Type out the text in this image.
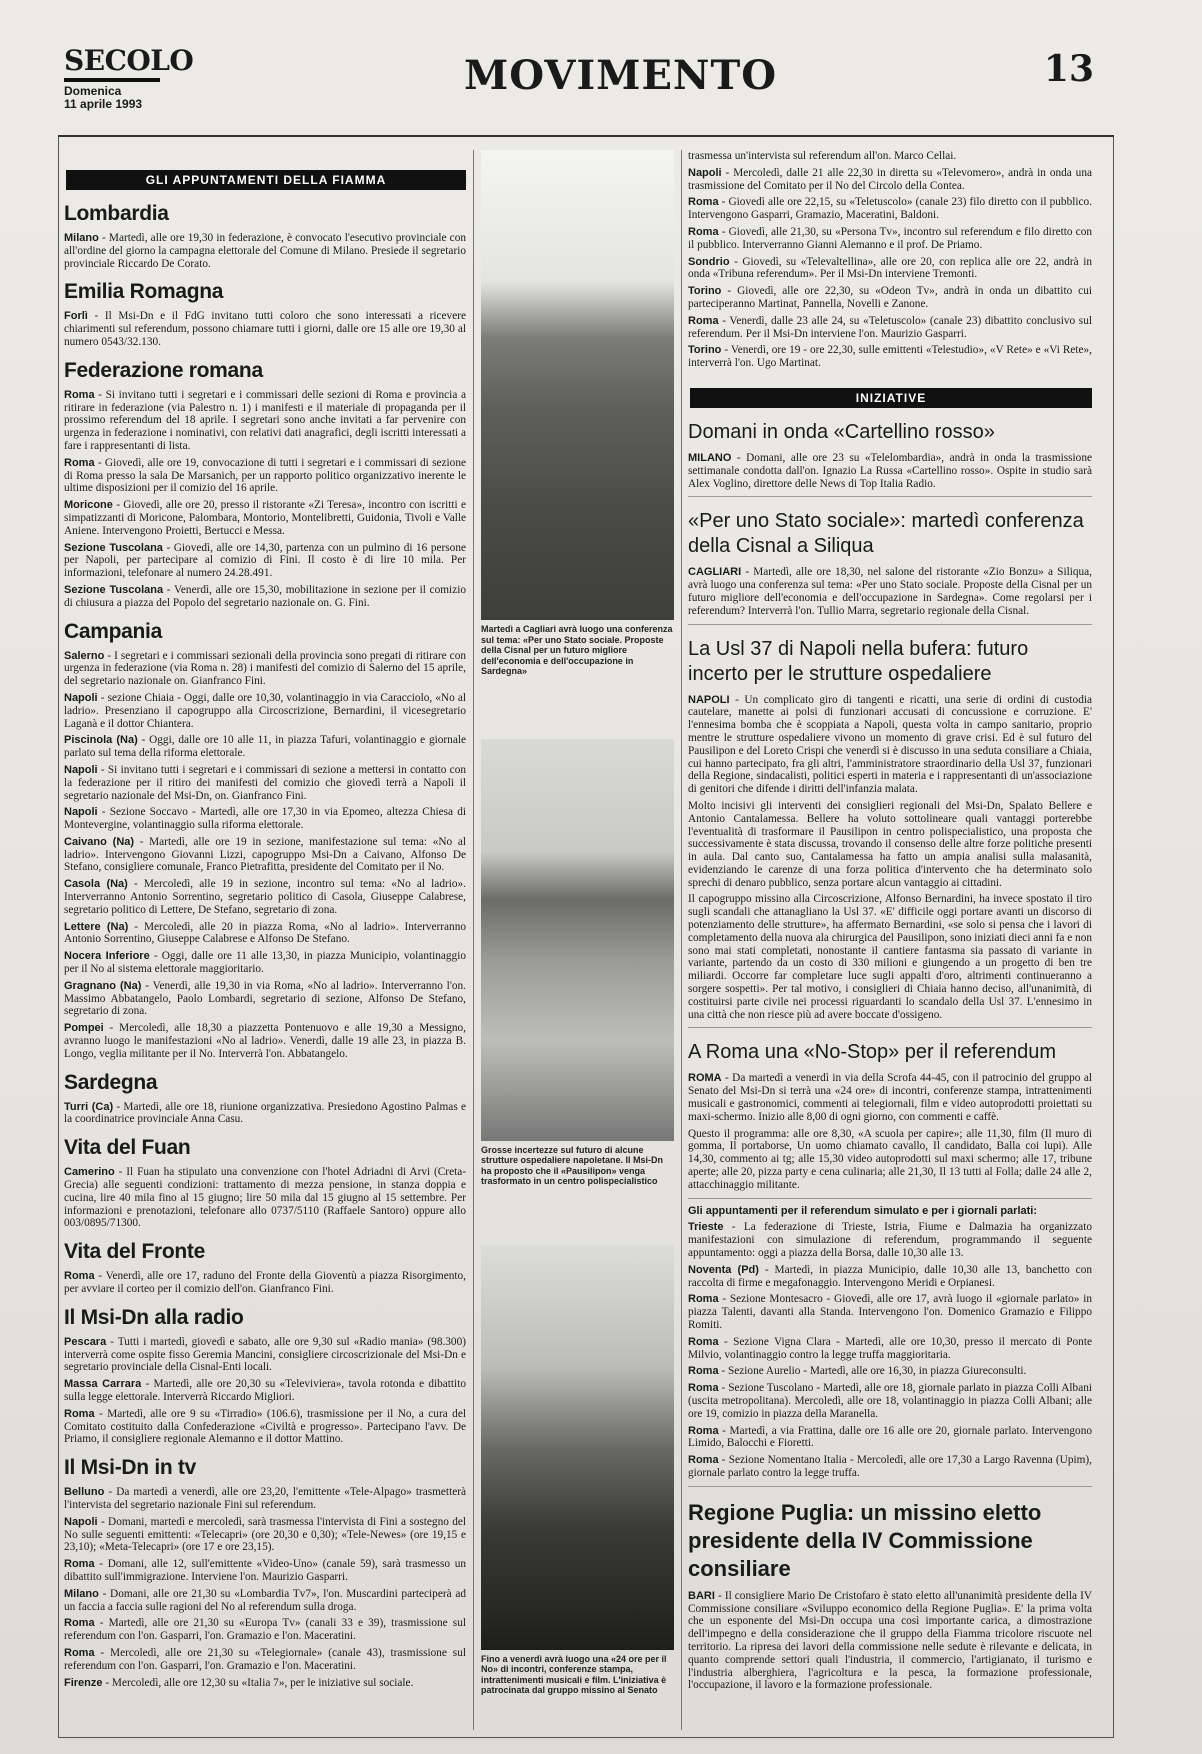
SECOLO
Domenica
11 aprile 1993
MOVIMENTO	13
GLI APPUNTAMENTI DELLA FIAMMA
Lombardia
Milano - Martedì, alle ore 19,30 in federazione, è convocato l'esecutivo provinciale con all'ordine del giorno la campagna elettorale del Comune di Milano. Presiede il segretario provinciale Riccardo De Corato.
Emilia Romagna
Forlì - Il Msi-Dn e il FdG invitano tutti coloro che sono interessati a ricevere chiarimenti sul referendum, possono chiamare tutti i giorni, dalle ore 15 alle ore 19,30 al numero 0543/32.130.
Federazione romana
Roma - Si invitano tutti i segretari e i commissari delle sezioni di Roma e provincia a ritirare in federazione (via Palestro n. 1) i manifesti e il materiale di propaganda per il prossimo referendum del 18 aprile. I segretari sono anche invitati a far pervenire con urgenza in federazione i nominativi, con relativi dati anagrafici, degli iscritti interessati a fare i rappresentanti di lista.
Roma - Giovedì, alle ore 19, convocazione di tutti i segretari e i commissari di sezione di Roma presso la sala De Marsanich, per un rapporto politico organizzativo inerente le ultime disposizioni per il comizio del 16 aprile.
Moricone - Giovedì, alle ore 20, presso il ristorante «Zi Teresa», incontro con iscritti e simpatizzanti di Moricone, Palombara, Montorio, Montelibretti, Guidonia, Tivoli e Valle Aniene. Intervengono Proietti, Bertucci e Messa.
Sezione Tuscolana - Giovedì, alle ore 14,30, partenza con un pulmino di 16 persone per Napoli, per partecipare al comizio di Fini. Il costo è di lire 10 mila. Per informazioni, telefonare al numero 24.28.491.
Sezione Tuscolana - Venerdì, alle ore 15,30, mobilitazione in sezione per il comizio di chiusura a piazza del Popolo del segretario nazionale on. G. Fini.
Campania
Salerno - I segretari e i commissari sezionali della provincia sono pregati di ritirare con urgenza in federazione (via Roma n. 28) i manifesti del comizio di Salerno del 15 aprile, del segretario nazionale on. Gianfranco Fini.
Napoli - sezione Chiaia - Oggi, dalle ore 10,30, volantinaggio in via Caracciolo, «No al ladrio». Presenziano il capogruppo alla Circoscrizione, Bernardini, il vicesegretario Laganà e il dottor Chiantera.
Piscinola (Na) - Oggi, dalle ore 10 alle 11, in piazza Tafuri, volantinaggio e giornale parlato sul tema della riforma elettorale.
Napoli - Si invitano tutti i segretari e i commissari di sezione a mettersi in contatto con la federazione per il ritiro dei manifesti del comizio che giovedì terrà a Napoli il segretario nazionale del Msi-Dn, on. Gianfranco Fini.
Napoli - Sezione Soccavo - Martedì, alle ore 17,30 in via Epomeo, altezza Chiesa di Montevergine, volantinaggio sulla riforma elettorale.
Caivano (Na) - Martedì, alle ore 19 in sezione, manifestazione sul tema: «No al ladrio». Intervengono Giovanni Lizzi, capogruppo Msi-Dn a Caivano, Alfonso De Stefano, consigliere comunale, Franco Pietrafitta, presidente del Comitato per il No.
Casola (Na) - Mercoledì, alle 19 in sezione, incontro sul tema: «No al ladrio». Interverranno Antonio Sorrentino, segretario politico di Casola, Giuseppe Calabrese, segretario politico di Lettere, De Stefano, segretario di zona.
Lettere (Na) - Mercoledì, alle 20 in piazza Roma, «No al ladrio». Interverranno Antonio Sorrentino, Giuseppe Calabrese e Alfonso De Stefano.
Nocera Inferiore - Oggi, dalle ore 11 alle 13,30, in piazza Municipio, volantinaggio per il No al sistema elettorale maggioritario.
Gragnano (Na) - Venerdì, alle 19,30 in via Roma, «No al ladrio». Interverranno l'on. Massimo Abbatangelo, Paolo Lombardi, segretario di sezione, Alfonso De Stefano, segretario di zona.
Pompei - Mercoledì, alle 18,30 a piazzetta Pontenuovo e alle 19,30 a Messigno, avranno luogo le manifestazioni «No al ladrio». Venerdì, dalle 19 alle 23, in piazza B. Longo, veglia militante per il No. Interverrà l'on. Abbatangelo.
Sardegna
Turri (Ca) - Martedì, alle ore 18, riunione organizzativa. Presiedono Agostino Palmas e la coordinatrice provinciale Anna Casu.
Vita del Fuan
Camerino - Il Fuan ha stipulato una convenzione con l'hotel Adriadni di Arvi (Creta-Grecia) alle seguenti condizioni: trattamento di mezza pensione, in stanza doppia e cucina, lire 40 mila fino al 15 giugno; lire 50 mila dal 15 giugno al 15 settembre. Per informazioni e prenotazioni, telefonare allo 0737/5110 (Raffaele Santoro) oppure allo 003/0895/71300.
Vita del Fronte
Roma - Venerdì, alle ore 17, raduno del Fronte della Gioventù a piazza Risorgimento, per avviare il corteo per il comizio dell'on. Gianfranco Fini.
Il Msi-Dn alla radio
Pescara - Tutti i martedì, giovedì e sabato, alle ore 9,30 sul «Radio mania» (98.300) interverrà come ospite fisso Geremia Mancini, consigliere circoscrizionale del Msi-Dn e segretario provinciale della Cisnal-Enti locali.
Massa Carrara - Martedì, alle ore 20,30 su «Televiviera», tavola rotonda e dibattito sulla legge elettorale. Interverrà Riccardo Migliori.
Roma - Martedì, alle ore 9 su «Tirradio» (106.6), trasmissione per il No, a cura del Comitato costituito dalla Confederazione «Civiltà e progresso». Partecipano l'avv. De Priamo, il consigliere regionale Alemanno e il dottor Mattino.
Il Msi-Dn in tv
Belluno - Da martedì a venerdì, alle ore 23,20, l'emittente «Tele-Alpago» trasmetterà l'intervista del segretario nazionale Fini sul referendum.
Napoli - Domani, martedì e mercoledì, sarà trasmessa l'intervista di Fini a sostegno del No sulle seguenti emittenti: «Telecapri» (ore 20,30 e 0,30); «Tele-Newes» (ore 19,15 e 23,10); «Meta-Telecapri» (ore 17 e ore 23,15).
Roma - Domani, alle 12, sull'emittente «Video-Uno» (canale 59), sarà trasmesso un dibattito sull'immigrazione. Interviene l'on. Maurizio Gasparri.
Milano - Domani, alle ore 21,30 su «Lombardia Tv7», l'on. Muscardini parteciperà ad un faccia a faccia sulle ragioni del No al referendum sulla droga.
Roma - Martedì, alle ore 21,30 su «Europa Tv» (canali 33 e 39), trasmissione sul referendum con l'on. Gasparri, l'on. Gramazio e l'on. Maceratini.
Roma - Mercoledì, alle ore 21,30 su «Telegiornale» (canale 43), trasmissione sul referendum con l'on. Gasparri, l'on. Gramazio e l'on. Maceratini.
Firenze - Mercoledì, alle ore 12,30 su «Italia 7», per le iniziative sul sociale.
Martedì a Cagliari avrà luogo una conferenza sul tema: «Per uno Stato sociale. Proposte della Cisnal per un futuro migliore dell'economia e dell'occupazione in Sardegna»
Grosse incertezze sul futuro di alcune strutture ospedaliere napoletane. Il Msi-Dn ha proposto che il «Pausilipon» venga trasformato in un centro polispecialistico
Fino a venerdì avrà luogo una «24 ore per il No» di incontri, conferenze stampa, intrattenimenti musicali e film. L'iniziativa è patrocinata dal gruppo missino al Senato
trasmessa un'intervista sul referendum all'on. Marco Cellai.
Napoli - Mercoledì, dalle 21 alle 22,30 in diretta su «Televomero», andrà in onda una trasmissione del Comitato per il No del Circolo della Contea.
Roma - Giovedì alle ore 22,15, su «Teletuscolo» (canale 23) filo diretto con il pubblico. Intervengono Gasparri, Gramazio, Maceratini, Baldoni.
Roma - Giovedì, alle 21,30, su «Persona Tv», incontro sul referendum e filo diretto con il pubblico. Interverranno Gianni Alemanno e il prof. De Priamo.
Sondrio - Giovedì, su «Televaltellina», alle ore 20, con replica alle ore 22, andrà in onda «Tribuna referendum». Per il Msi-Dn interviene Tremonti.
Torino - Giovedì, alle ore 22,30, su «Odeon Tv», andrà in onda un dibattito cui parteciperanno Martinat, Pannella, Novelli e Zanone.
Roma - Venerdì, dalle 23 alle 24, su «Teletuscolo» (canale 23) dibattito conclusivo sul referendum. Per il Msi-Dn interviene l'on. Maurizio Gasparri.
Torino - Venerdì, ore 19 - ore 22,30, sulle emittenti «Telestudio», «V Rete» e «Vi Rete», interverrà l'on. Ugo Martinat.
INIZIATIVE
Domani in onda «Cartellino rosso»
MILANO - Domani, alle ore 23 su «Telelombardia», andrà in onda la trasmissione settimanale condotta dall'on. Ignazio La Russa «Cartellino rosso». Ospite in studio sarà Alex Voglino, direttore delle News di Top Italia Radio.
«Per uno Stato sociale»: martedì conferenza della Cisnal a Siliqua
CAGLIARI - Martedì, alle ore 18,30, nel salone del ristorante «Zio Bonzu» a Siliqua, avrà luogo una conferenza sul tema: «Per uno Stato sociale. Proposte della Cisnal per un futuro migliore dell'economia e dell'occupazione in Sardegna». Come regolarsi per i referendum? Interverrà l'on. Tullio Marra, segretario regionale della Cisnal.
La Usl 37 di Napoli nella bufera: futuro incerto per le strutture ospedaliere
NAPOLI - Un complicato giro di tangenti e ricatti, una serie di ordini di custodia cautelare, manette ai polsi di funzionari accusati di concussione e corruzione. E' l'ennesima bomba che è scoppiata a Napoli, questa volta in campo sanitario, proprio mentre le strutture ospedaliere vivono un momento di grave crisi. Ed è sul futuro del Pausilipon e del Loreto Crispi che venerdì si è discusso in una seduta consiliare a Chiaia, cui hanno partecipato, fra gli altri, l'amministratore straordinario della Usl 37, funzionari della Regione, sindacalisti, politici esperti in materia e i rappresentanti di un'associazione di genitori che difende i diritti dell'infanzia malata.
Molto incisivi gli interventi dei consiglieri regionali del Msi-Dn, Spalato Bellere e Antonio Cantalamessa. Bellere ha voluto sottolineare quali vantaggi porterebbe l'eventualità di trasformare il Pausilipon in centro polispecialistico, una proposta che successivamente è stata discussa, trovando il consenso delle altre forze politiche presenti in aula. Dal canto suo, Cantalamessa ha fatto un ampia analisi sulla malasanità, evidenziando le carenze di una forza politica d'intervento che ha determinato solo sprechi di denaro pubblico, senza portare alcun vantaggio ai cittadini.
Il capogruppo missino alla Circoscrizione, Alfonso Bernardini, ha invece spostato il tiro sugli scandali che attanagliano la Usl 37. «E' difficile oggi portare avanti un discorso di potenziamento delle strutture», ha affermato Bernardini, «se solo si pensa che i lavori di completamento della nuova ala chirurgica del Pausilipon, sono iniziati dieci anni fa e non sono mai stati completati, nonostante il cantiere fantasma sia passato di variante in variante, partendo da un costo di 330 milioni e giungendo a un progetto di ben tre miliardi. Occorre far completare luce sugli appalti d'oro, altrimenti continueranno a sorgere sospetti». Per tal motivo, i consiglieri di Chiaia hanno deciso, all'unanimità, di costituirsi parte civile nei processi riguardanti lo scandalo della Usl 37. L'ennesimo in una città che non riesce più ad avere boccate d'ossigeno.
A Roma una «No-Stop» per il referendum
ROMA - Da martedì a venerdì in via della Scrofa 44-45, con il patrocinio del gruppo al Senato del Msi-Dn si terrà una «24 ore» di incontri, conferenze stampa, intrattenimenti musicali e gastronomici, commenti ai telegiornali, film e video autoprodotti proiettati su maxi-schermo. Inizio alle 8,00 di ogni giorno, con commenti e caffè.
Questo il programma: alle ore 8,30, «A scuola per capire»; alle 11,30, film (Il muro di gomma, Il portaborse, Un uomo chiamato cavallo, Il candidato, Balla coi lupi). Alle 14,30, commento ai tg; alle 15,30 video autoprodotti sul maxi schermo; alle 17, tribune aperte; alle 20, pizza party e cena culinaria; alle 21,30, Il 13 tutti al Folla; dalle 24 alle 2, attacchinaggio militante.
Gli appuntamenti per il referendum simulato e per i giornali parlati:
Trieste - La federazione di Trieste, Istria, Fiume e Dalmazia ha organizzato manifestazioni con simulazione di referendum, programmando il seguente appuntamento: oggi a piazza della Borsa, dalle 10,30 alle 13.
Noventa (Pd) - Martedì, in piazza Municipio, dalle 10,30 alle 13, banchetto con raccolta di firme e megafonaggio. Intervengono Meridi e Orpianesi.
Roma - Sezione Montesacro - Giovedì, alle ore 17, avrà luogo il «giornale parlato» in piazza Talenti, davanti alla Standa. Intervengono l'on. Domenico Gramazio e Filippo Romiti.
Roma - Sezione Vigna Clara - Martedì, alle ore 10,30, presso il mercato di Ponte Milvio, volantinaggio contro la legge truffa maggioritaria.
Roma - Sezione Aurelio - Martedì, alle ore 16,30, in piazza Giureconsulti.
Roma - Sezione Tuscolano - Martedì, alle ore 18, giornale parlato in piazza Colli Albani (uscita metropolitana). Mercoledì, alle ore 18, volantinaggio in piazza Colli Albani; alle ore 19, comizio in piazza della Maranella.
Roma - Martedì, a via Frattina, dalle ore 16 alle ore 20, giornale parlato. Intervengono Limido, Balocchi e Fioretti.
Roma - Sezione Nomentano Italia - Mercoledì, alle ore 17,30 a Largo Ravenna (Upim), giornale parlato contro la legge truffa.
Regione Puglia: un missino eletto presidente della IV Commissione consiliare
BARI - Il consigliere Mario De Cristofaro è stato eletto all'unanimità presidente della IV Commissione consiliare «Sviluppo economico della Regione Puglia». E' la prima volta che un esponente del Msi-Dn occupa una così importante carica, a dimostrazione dell'impegno e della considerazione che il gruppo della Fiamma tricolore riscuote nel territorio. La ripresa dei lavori della commissione nelle sedute è rilevante e delicata, in quanto comprende settori quali l'industria, il commercio, l'artigianato, il turismo e l'industria alberghiera, l'agricoltura e la pesca, la formazione professionale, l'occupazione, il lavoro e la formazione professionale.
